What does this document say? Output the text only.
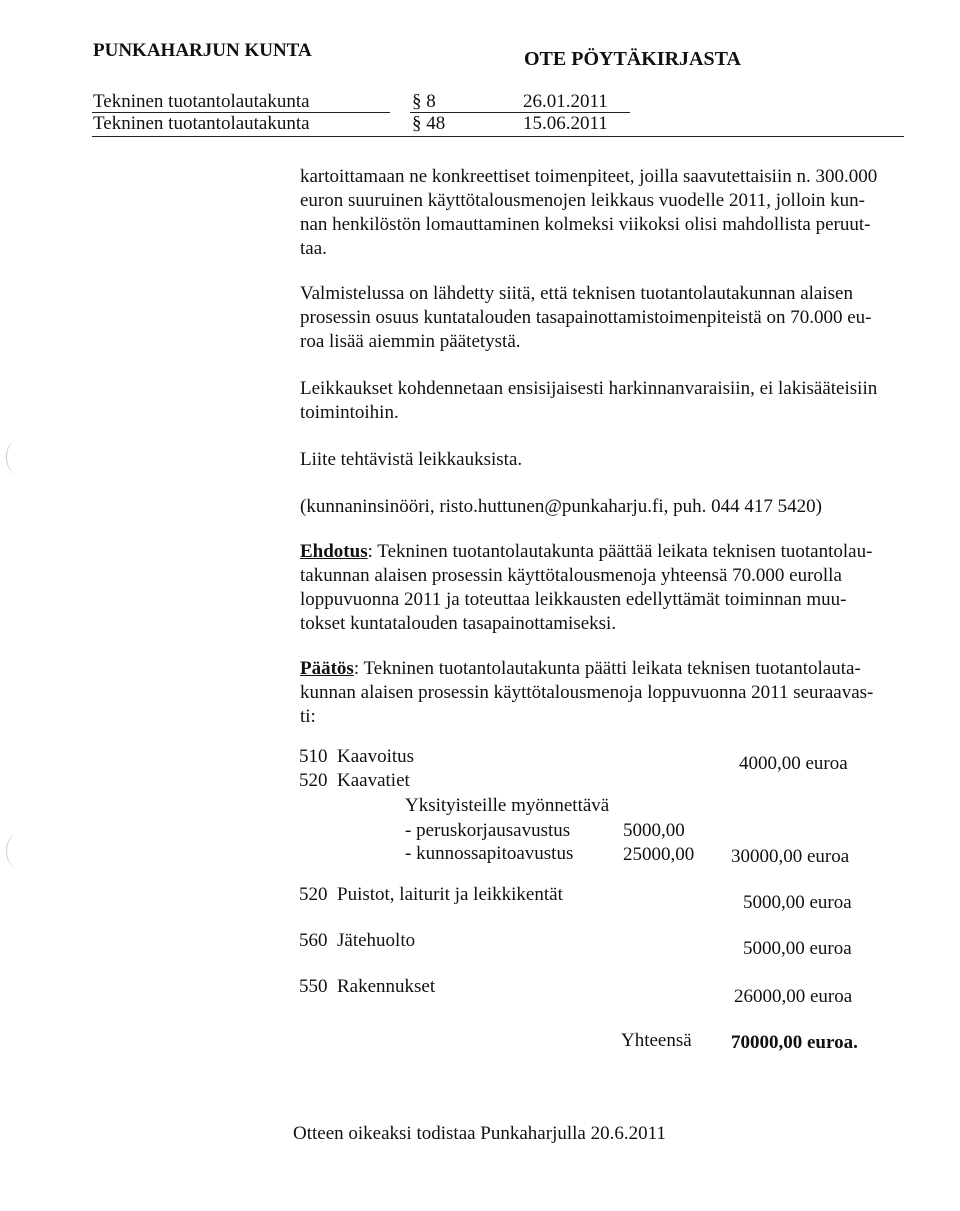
PUNKAHARJUN KUNTA	OTE PÖYTÄKIRJASTA
Tekninen tuotantolautakunta	§ 8	26.01.2011
Tekninen tuotantolautakunta	§ 48	15.06.2011
kartoittamaan ne konkreettiset toimenpiteet, joilla saavutettaisiin n. 300.000
euron suuruinen käyttötalousmenojen leikkaus vuodelle 2011, jolloin kun-
nan henkilöstön lomauttaminen kolmeksi viikoksi olisi mahdollista peruut-
taa.
Valmistelussa on lähdetty siitä, että teknisen tuotantolautakunnan alaisen
prosessin osuus kuntatalouden tasapainottamistoimenpiteistä on 70.000 eu-
roa lisää aiemmin päätetystä.
Leikkaukset kohdennetaan ensisijaisesti harkinnanvaraisiin, ei lakisääteisiin
toimintoihin.
Liite tehtävistä leikkauksista.
(kunnaninsinööri, risto.huttunen@punkaharju.fi, puh. 044 417 5420)
Ehdotus: Tekninen tuotantolautakunta päättää leikata teknisen tuotantolau-
takunnan alaisen prosessin käyttötalousmenoja yhteensä 70.000 eurolla
loppuvuonna 2011 ja toteuttaa leikkausten edellyttämät toiminnan muu-
tokset kuntatalouden tasapainottamiseksi.
Päätös: Tekninen tuotantolautakunta päätti leikata teknisen tuotantolauta-
kunnan alaisen prosessin käyttötalousmenoja loppuvuonna 2011 seuraavas-
ti:
510 Kaavoitus	4000,00 euroa
520 Kaavatiet
Yksityisteille myönnettävä
- peruskorjausavustus	5000,00
- kunnossapitoavustus	25000,00 30000,00 euroa
520 Puistot, laiturit ja leikkikentät	5000,00 euroa
560 Jätehuolto	5000,00 euroa
550 Rakennukset	26000,00 euroa
Yhteensä 70000,00 euroa.
Otteen oikeaksi todistaa Punkaharjulla 20.6.2011
